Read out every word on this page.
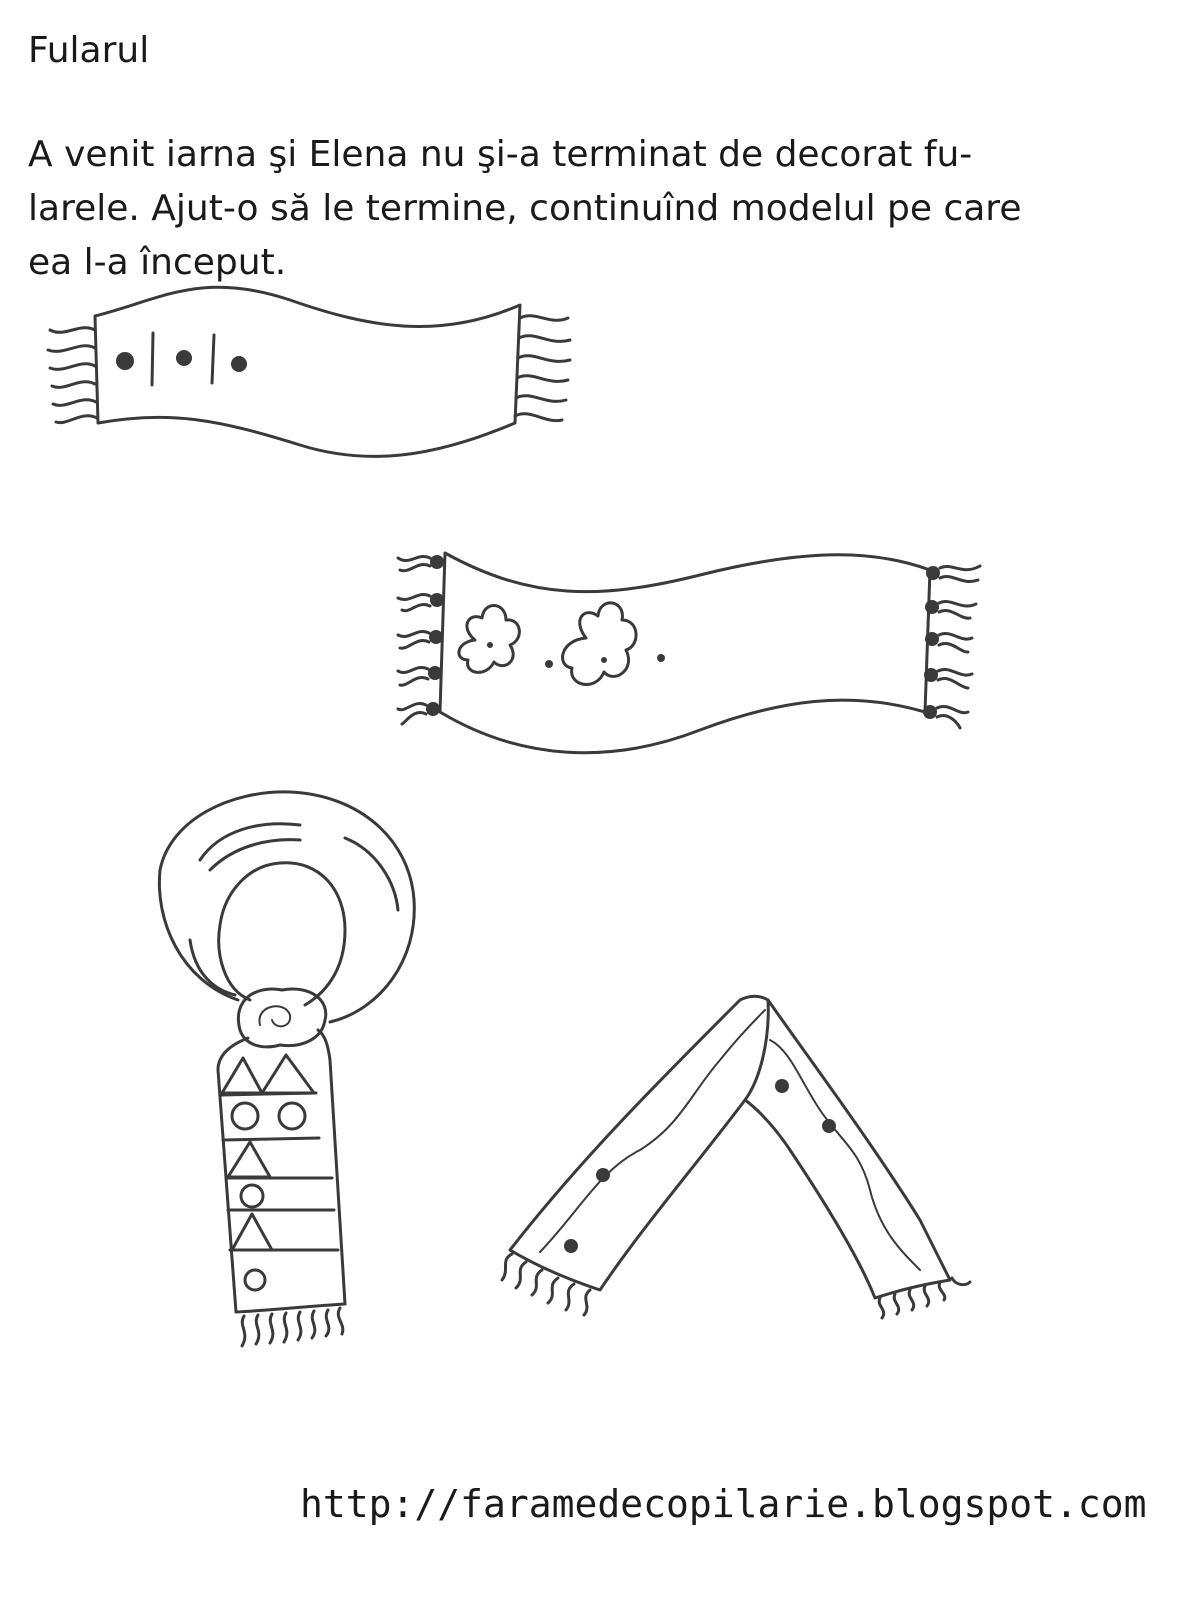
Fularul

A venit iarna şi Elena nu şi-a terminat de decorat fu-
larele. Ajut-o să le termine, continuînd modelul pe care
ea l-a început.

http://faramedecopilarie.blogspot.com
